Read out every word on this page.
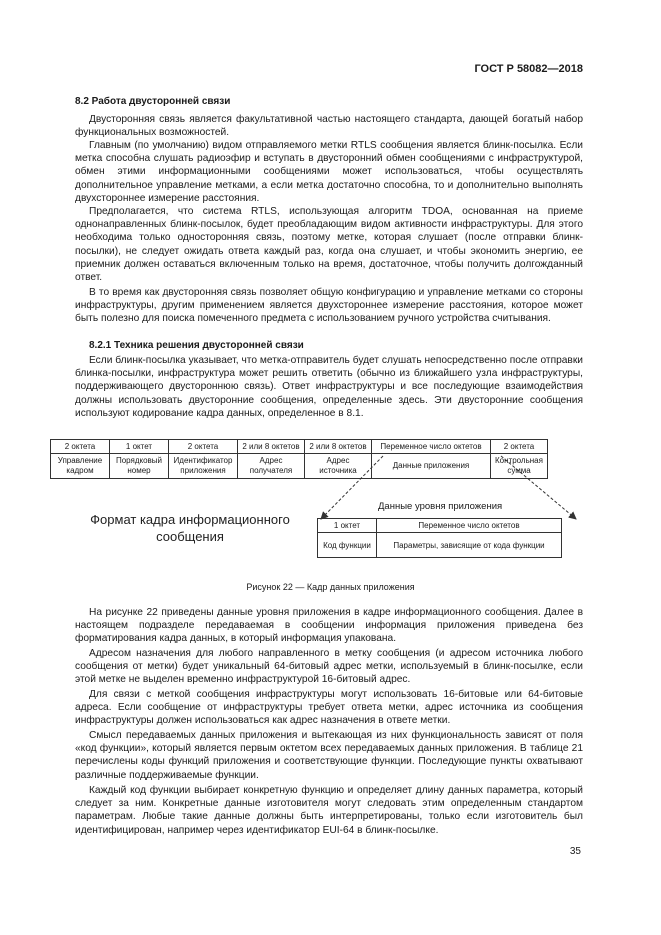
ГОСТ Р 58082—2018
8.2 Работа двусторонней связи

Двусторонняя связь является факультативной частью настоящего стандарта, дающей богатый набор функциональных возможностей.

Главным (по умолчанию) видом отправляемого метки RTLS сообщения является блинк-посылка. Если метка способна слушать радиоэфир и вступать в двусторонний обмен сообщениями с инфраструктурой, обмен этими информационными сообщениями может использоваться, чтобы осуществлять дополнительное управление метками, а если метка достаточно способна, то и дополнительно выполнять двухстороннее измерение расстояния.

Предполагается, что система RTLS, использующая алгоритм TDOA, основанная на приеме однонаправленных блинк-посылок, будет преобладающим видом активности инфраструктуры. Для этого необходима только односторонняя связь, поэтому метке, которая слушает (после отправки блинк-посылки), не следует ожидать ответа каждый раз, когда она слушает, и чтобы экономить энергию, ее приемник должен оставаться включенным только на время, достаточное, чтобы получить долгожданный ответ.

В то время как двусторонняя связь позволяет общую конфигурацию и управление метками со стороны инфраструктуры, другим применением является двухстороннее измерение расстояния, которое может быть полезно для поиска помеченного предмета с использованием ручного устройства считывания.

8.2.1 Техника решения двусторонней связи

Если блинк-посылка указывает, что метка-отправитель будет слушать непосредственно после отправки блинка-посылки, инфраструктура может решить ответить (обычно из ближайшего узла инфраструктуры, поддерживающего двустороннюю связь). Ответ инфраструктуры и все последующие взаимодействия должны использовать двусторонние сообщения, определенные здесь. Эти двусторонние сообщения используют кодирование кадра данных, определенное в 8.1.

2 октета	1 октет	2 октета	2 или 8 октетов	2 или 8 октетов	Переменное число октетов	2 октета
Управление кадром	Порядковый номер	Идентификатор приложения	Адрес получателя	Адрес источника	Данные приложения	Контрольная сумма
Данные уровня приложения
Формат кадра информационного сообщения
1 октет	Переменное число октетов
Код функции	Параметры, зависящие от кода функции
Рисунок 22 — Кадр данных приложения

На рисунке 22 приведены данные уровня приложения в кадре информационного сообщения. Далее в настоящем подразделе передаваемая в сообщении информация приложения приведена без форматирования кадра данных, в который информация упакована.

Адресом назначения для любого направленного в метку сообщения (и адресом источника любого сообщения от метки) будет уникальный 64-битовый адрес метки, используемый в блинк-посылке, если этой метке не выделен временно инфраструктурой 16-битовый адрес.

Для связи с меткой сообщения инфраструктуры могут использовать 16-битовые или 64-битовые адреса. Если сообщение от инфраструктуры требует ответа метки, адрес источника из сообщения инфраструктуры должен использоваться как адрес назначения в ответе метки.

Смысл передаваемых данных приложения и вытекающая из них функциональность зависят от поля «код функции», который является первым октетом всех передаваемых данных приложения. В таблице 21 перечислены коды функций приложения и соответствующие функции. Последующие пункты охватывают различные поддерживаемые функции.

Каждый код функции выбирает конкретную функцию и определяет длину данных параметра, который следует за ним. Конкретные данные изготовителя могут следовать этим определенным стандартом параметрам. Любые такие данные должны быть интерпретированы, только если изготовитель был идентифицирован, например через идентификатор EUI-64 в блинк-посылке.

35
